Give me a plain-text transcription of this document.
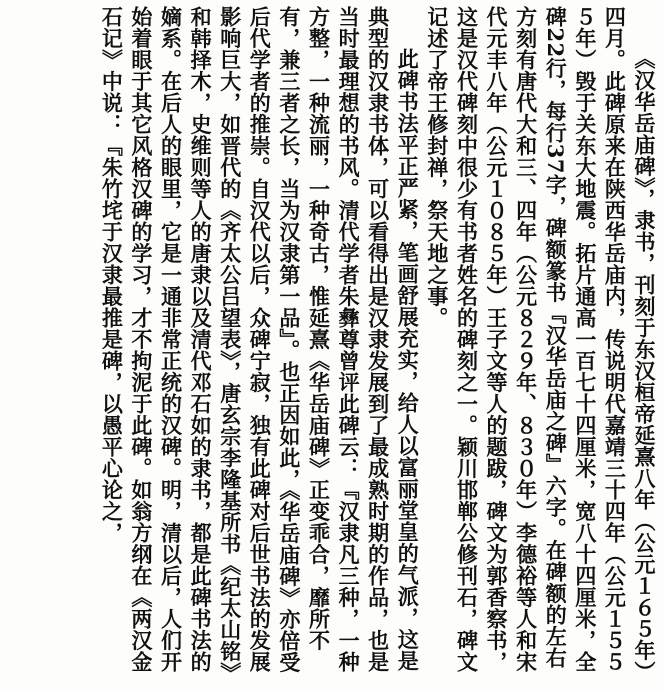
《汉华岳庙碑》，隶书，刊刻于东汉桓帝延熹八年（公元１６５年）四月。此碑原来在陕西华岳庙内，传说明代嘉靖三十四年（公元１５５５年）毁于关东大地震。拓片通高一百七十四厘米，宽八十四厘米，全碑22行，每行37字，碑额篆书『汉华岳庙之碑』六字。在碑额的左右方刻有唐代大和三、四年（公元８２９年、８３０年）李德裕等人和宋代元丰八年（公元１０８５年）王子文等人的题跋，碑文为郭香察书，这是汉代碑刻中很少有书者姓名的碑刻之一。颖川邯郸公修刊石，碑文记述了帝王修封禅，祭天地之事。

此碑书法平正严紧，笔画舒展充实，给人以富丽堂皇的气派，这是典型的汉隶书体，可以看得出是汉隶发展到了最成熟时期的作品，也是当时最理想的书风。清代学者朱彝尊曾评此碑云：『汉隶凡三种，一种方整，一种流丽，一种奇古，惟延熹《华岳庙碑》正变乖合，靡所不有，兼三者之长，当为汉隶第一品』。也正因如此，《华岳庙碑》亦倍受后代学者的推崇。自汉代以后，众碑宁寂，独有此碑对后世书法的发展影响巨大，如晋代的《齐太公吕望表》，唐玄宗李隆基所书《纪太山铭》和韩择木，史维则等人的唐隶以及清代邓石如的隶书，都是此碑书法的嫡系。在后人的眼里，它是一通非常正统的汉碑。明，清以后，人们开始着眼于其它风格汉碑的学习，才不拘泥于此碑。如翁方纲在《两汉金石记》中说：『朱竹垞于汉隶最推是碑，以愚平心论之，
